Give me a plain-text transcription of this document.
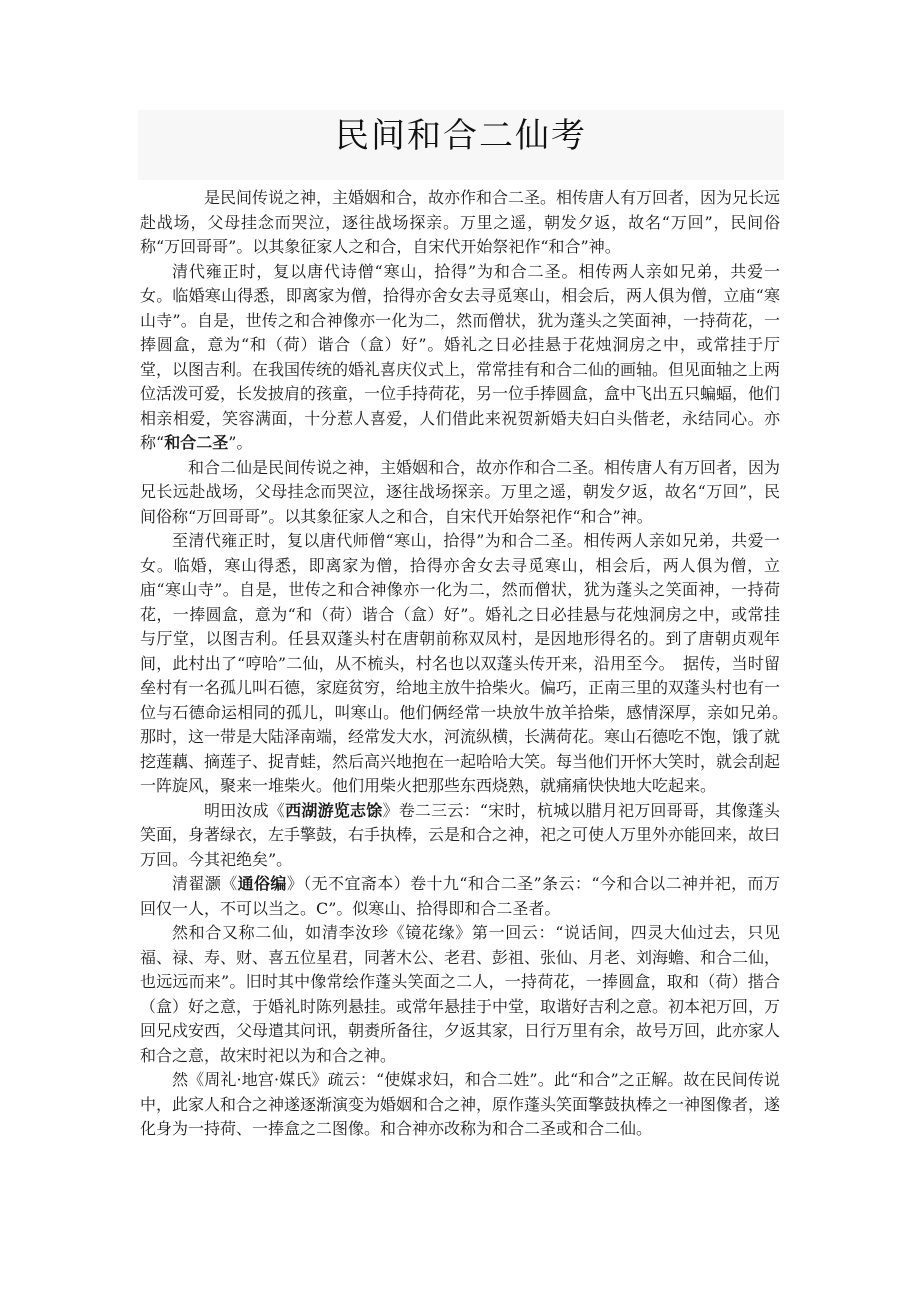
民间和合二仙考

是民间传说之神，主婚姻和合，故亦作和合二圣。相传唐人有万回者，因为兄长远赴战场，父母挂念而哭泣，逐往战场探亲。万里之遥，朝发夕返，故名“万回”，民间俗称“万回哥哥”。以其象征家人之和合，自宋代开始祭祀作“和合”神。

清代雍正时，复以唐代诗僧“寒山，拾得”为和合二圣。相传两人亲如兄弟，共爱一女。临婚寒山得悉，即离家为僧，拾得亦舍女去寻觅寒山，相会后，两人俱为僧，立庙“寒山寺”。自是，世传之和合神像亦一化为二，然而僧状，犹为蓬头之笑面神，一持荷花，一捧圆盒，意为“和（荷）谐合（盒）好”。婚礼之日必挂悬于花烛洞房之中，或常挂于厅堂，以图吉利。在我国传统的婚礼喜庆仪式上，常常挂有和合二仙的画轴。但见面轴之上两位活泼可爱，长发披肩的孩童，一位手持荷花，另一位手捧圆盒，盒中飞出五只蝙蝠，他们相亲相爱，笑容满面，十分惹人喜爱，人们借此来祝贺新婚夫妇白头偕老，永结同心。亦称“和合二圣”。

和合二仙是民间传说之神，主婚姻和合，故亦作和合二圣。相传唐人有万回者，因为兄长远赴战场，父母挂念而哭泣，逐往战场探亲。万里之遥，朝发夕返，故名“万回”，民间俗称“万回哥哥”。以其象征家人之和合，自宋代开始祭祀作“和合”神。

至清代雍正时，复以唐代师僧“寒山，拾得”为和合二圣。相传两人亲如兄弟，共爱一女。临婚，寒山得悉，即离家为僧，拾得亦舍女去寻觅寒山，相会后，两人俱为僧，立庙“寒山寺”。自是，世传之和合神像亦一化为二，然而僧状，犹为蓬头之笑面神，一持荷花，一捧圆盒，意为“和（荷）谐合（盒）好”。婚礼之日必挂悬与花烛洞房之中，或常挂与厅堂，以图吉利。任县双蓬头村在唐朝前称双凤村，是因地形得名的。到了唐朝贞观年间，此村出了“哼哈”二仙，从不梳头，村名也以双蓬头传开来，沿用至今。　据传，当时留垒村有一名孤儿叫石德，家庭贫穷，给地主放牛拾柴火。偏巧，正南三里的双蓬头村也有一位与石德命运相同的孤儿，叫寒山。他们俩经常一块放牛放羊拾柴，感情深厚，亲如兄弟。　那时，这一带是大陆泽南端，经常发大水，河流纵横，长满荷花。寒山石德吃不饱，饿了就挖莲藕、摘莲子、捉青蛙，然后高兴地抱在一起哈哈大笑。每当他们开怀大笑时，就会刮起一阵旋风，聚来一堆柴火。他们用柴火把那些东西烧熟，就痛痛快快地大吃起来。

明田汝成《西湖游览志馀》卷二三云：“宋时，杭城以腊月祀万回哥哥，其像蓬头笑面，身著绿衣，左手擎鼓，右手执棒，云是和合之神，祀之可使人万里外亦能回来，故曰万回。今其祀绝矣”。

清翟灏《通俗编》（无不宜斋本）卷十九“和合二圣”条云：“今和合以二神并祀，而万回仅一人，不可以当之。C”。似寒山、拾得即和合二圣者。

然和合又称二仙，如清李汝珍《镜花缘》第一回云：“说话间，四灵大仙过去，只见福、禄、寿、财、喜五位星君，同著木公、老君、彭祖、张仙、月老、刘海蟾、和合二仙，也远远而来”。旧时其中像常绘作蓬头笑面之二人，一持荷花，一捧圆盒，取和（荷）揩合（盒）好之意，于婚礼时陈列悬挂。或常年悬挂于中堂，取谐好吉利之意。初本祀万回，万回兄戍安西，父母遣其问讯，朝赉所备往，夕返其家，日行万里有余，故号万回，此亦家人和合之意，故宋时祀以为和合之神。

然《周礼·地宫·媒氏》疏云：“使媒求妇，和合二姓”。此“和合”之正解。故在民间传说中，此家人和合之神遂逐渐演变为婚姻和合之神，原作蓬头笑面擎鼓执棒之一神图像者，遂化身为一持荷、一捧盒之二图像。和合神亦改称为和合二圣或和合二仙。
